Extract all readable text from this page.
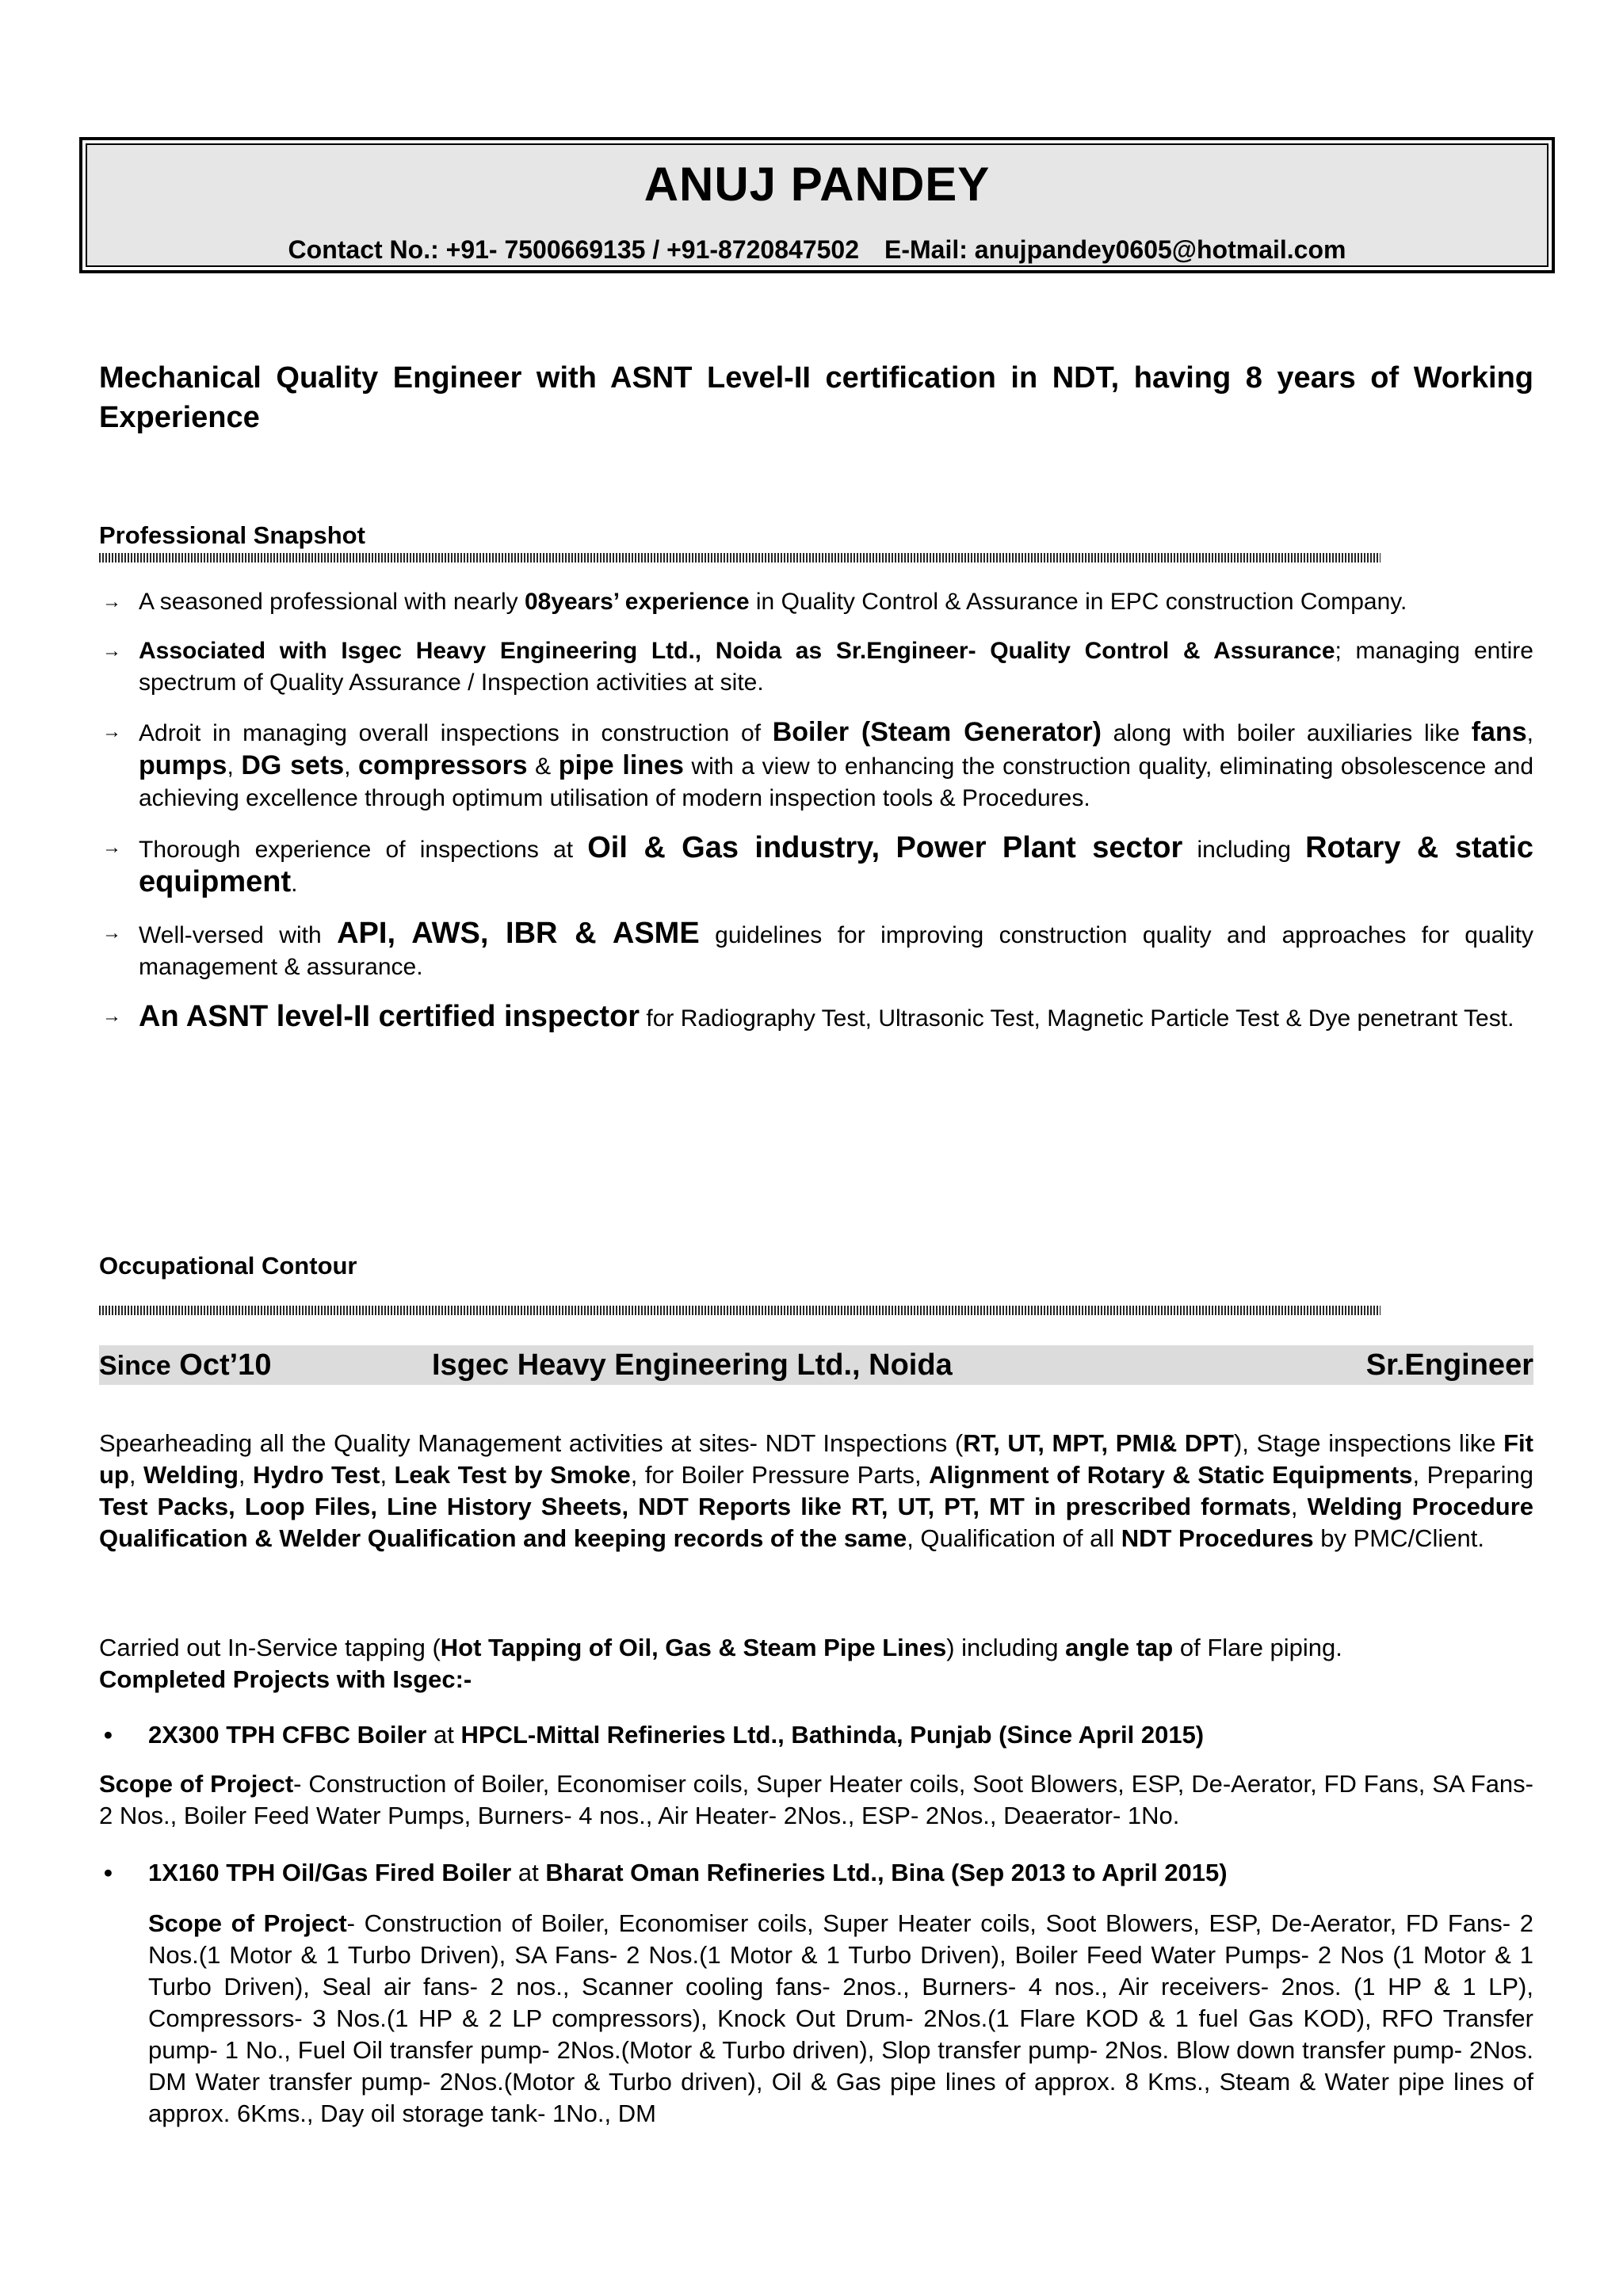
ANUJ PANDEY
Contact No.: +91- 7500669135 / +91-8720847502 E-Mail: anujpandey0605@hotmail.com
Mechanical Quality Engineer with ASNT Level-II certification in NDT, having 8 years of Working Experience
Professional Snapshot
→ A seasoned professional with nearly 08years’ experience in Quality Control & Assurance in EPC construction Company.
→ Associated with Isgec Heavy Engineering Ltd., Noida as Sr.Engineer- Quality Control & Assurance; managing entire spectrum of Quality Assurance / Inspection activities at site.
→ Adroit in managing overall inspections in construction of Boiler (Steam Generator) along with boiler auxiliaries like fans, pumps, DG sets, compressors & pipe lines with a view to enhancing the construction quality, eliminating obsolescence and achieving excellence through optimum utilisation of modern inspection tools & Procedures.
→ Thorough experience of inspections at Oil & Gas industry, Power Plant sector including Rotary & static equipment.
→ Well-versed with API, AWS, IBR & ASME guidelines for improving construction quality and approaches for quality management & assurance.
→ An ASNT level-II certified inspector for Radiography Test, Ultrasonic Test, Magnetic Particle Test & Dye penetrant Test.
Occupational Contour
Since Oct’10	Isgec Heavy Engineering Ltd., Noida	Sr.Engineer
Spearheading all the Quality Management activities at sites- NDT Inspections (RT, UT, MPT, PMI& DPT), Stage inspections like Fit up, Welding, Hydro Test, Leak Test by Smoke, for Boiler Pressure Parts, Alignment of Rotary & Static Equipments, Preparing Test Packs, Loop Files, Line History Sheets, NDT Reports like RT, UT, PT, MT in prescribed formats, Welding Procedure Qualification & Welder Qualification and keeping records of the same, Qualification of all NDT Procedures by PMC/Client.
Carried out In-Service tapping (Hot Tapping of Oil, Gas & Steam Pipe Lines) including angle tap of Flare piping.
Completed Projects with Isgec:-
• 2X300 TPH CFBC Boiler at HPCL-Mittal Refineries Ltd., Bathinda, Punjab (Since April 2015)
Scope of Project- Construction of Boiler, Economiser coils, Super Heater coils, Soot Blowers, ESP, De-Aerator, FD Fans, SA Fans- 2 Nos., Boiler Feed Water Pumps, Burners- 4 nos., Air Heater- 2Nos., ESP- 2Nos., Deaerator- 1No.
• 1X160 TPH Oil/Gas Fired Boiler at Bharat Oman Refineries Ltd., Bina (Sep 2013 to April 2015)
Scope of Project- Construction of Boiler, Economiser coils, Super Heater coils, Soot Blowers, ESP, De-Aerator, FD Fans- 2 Nos.(1 Motor & 1 Turbo Driven), SA Fans- 2 Nos.(1 Motor & 1 Turbo Driven), Boiler Feed Water Pumps- 2 Nos (1 Motor & 1 Turbo Driven), Seal air fans- 2 nos., Scanner cooling fans- 2nos., Burners- 4 nos., Air receivers- 2nos. (1 HP & 1 LP), Compressors- 3 Nos.(1 HP & 2 LP compressors), Knock Out Drum- 2Nos.(1 Flare KOD & 1 fuel Gas KOD), RFO Transfer pump- 1 No., Fuel Oil transfer pump- 2Nos.(Motor & Turbo driven), Slop transfer pump- 2Nos. Blow down transfer pump- 2Nos. DM Water transfer pump- 2Nos.(Motor & Turbo driven), Oil & Gas pipe lines of approx. 8 Kms., Steam & Water pipe lines of approx. 6Kms., Day oil storage tank- 1No., DM
